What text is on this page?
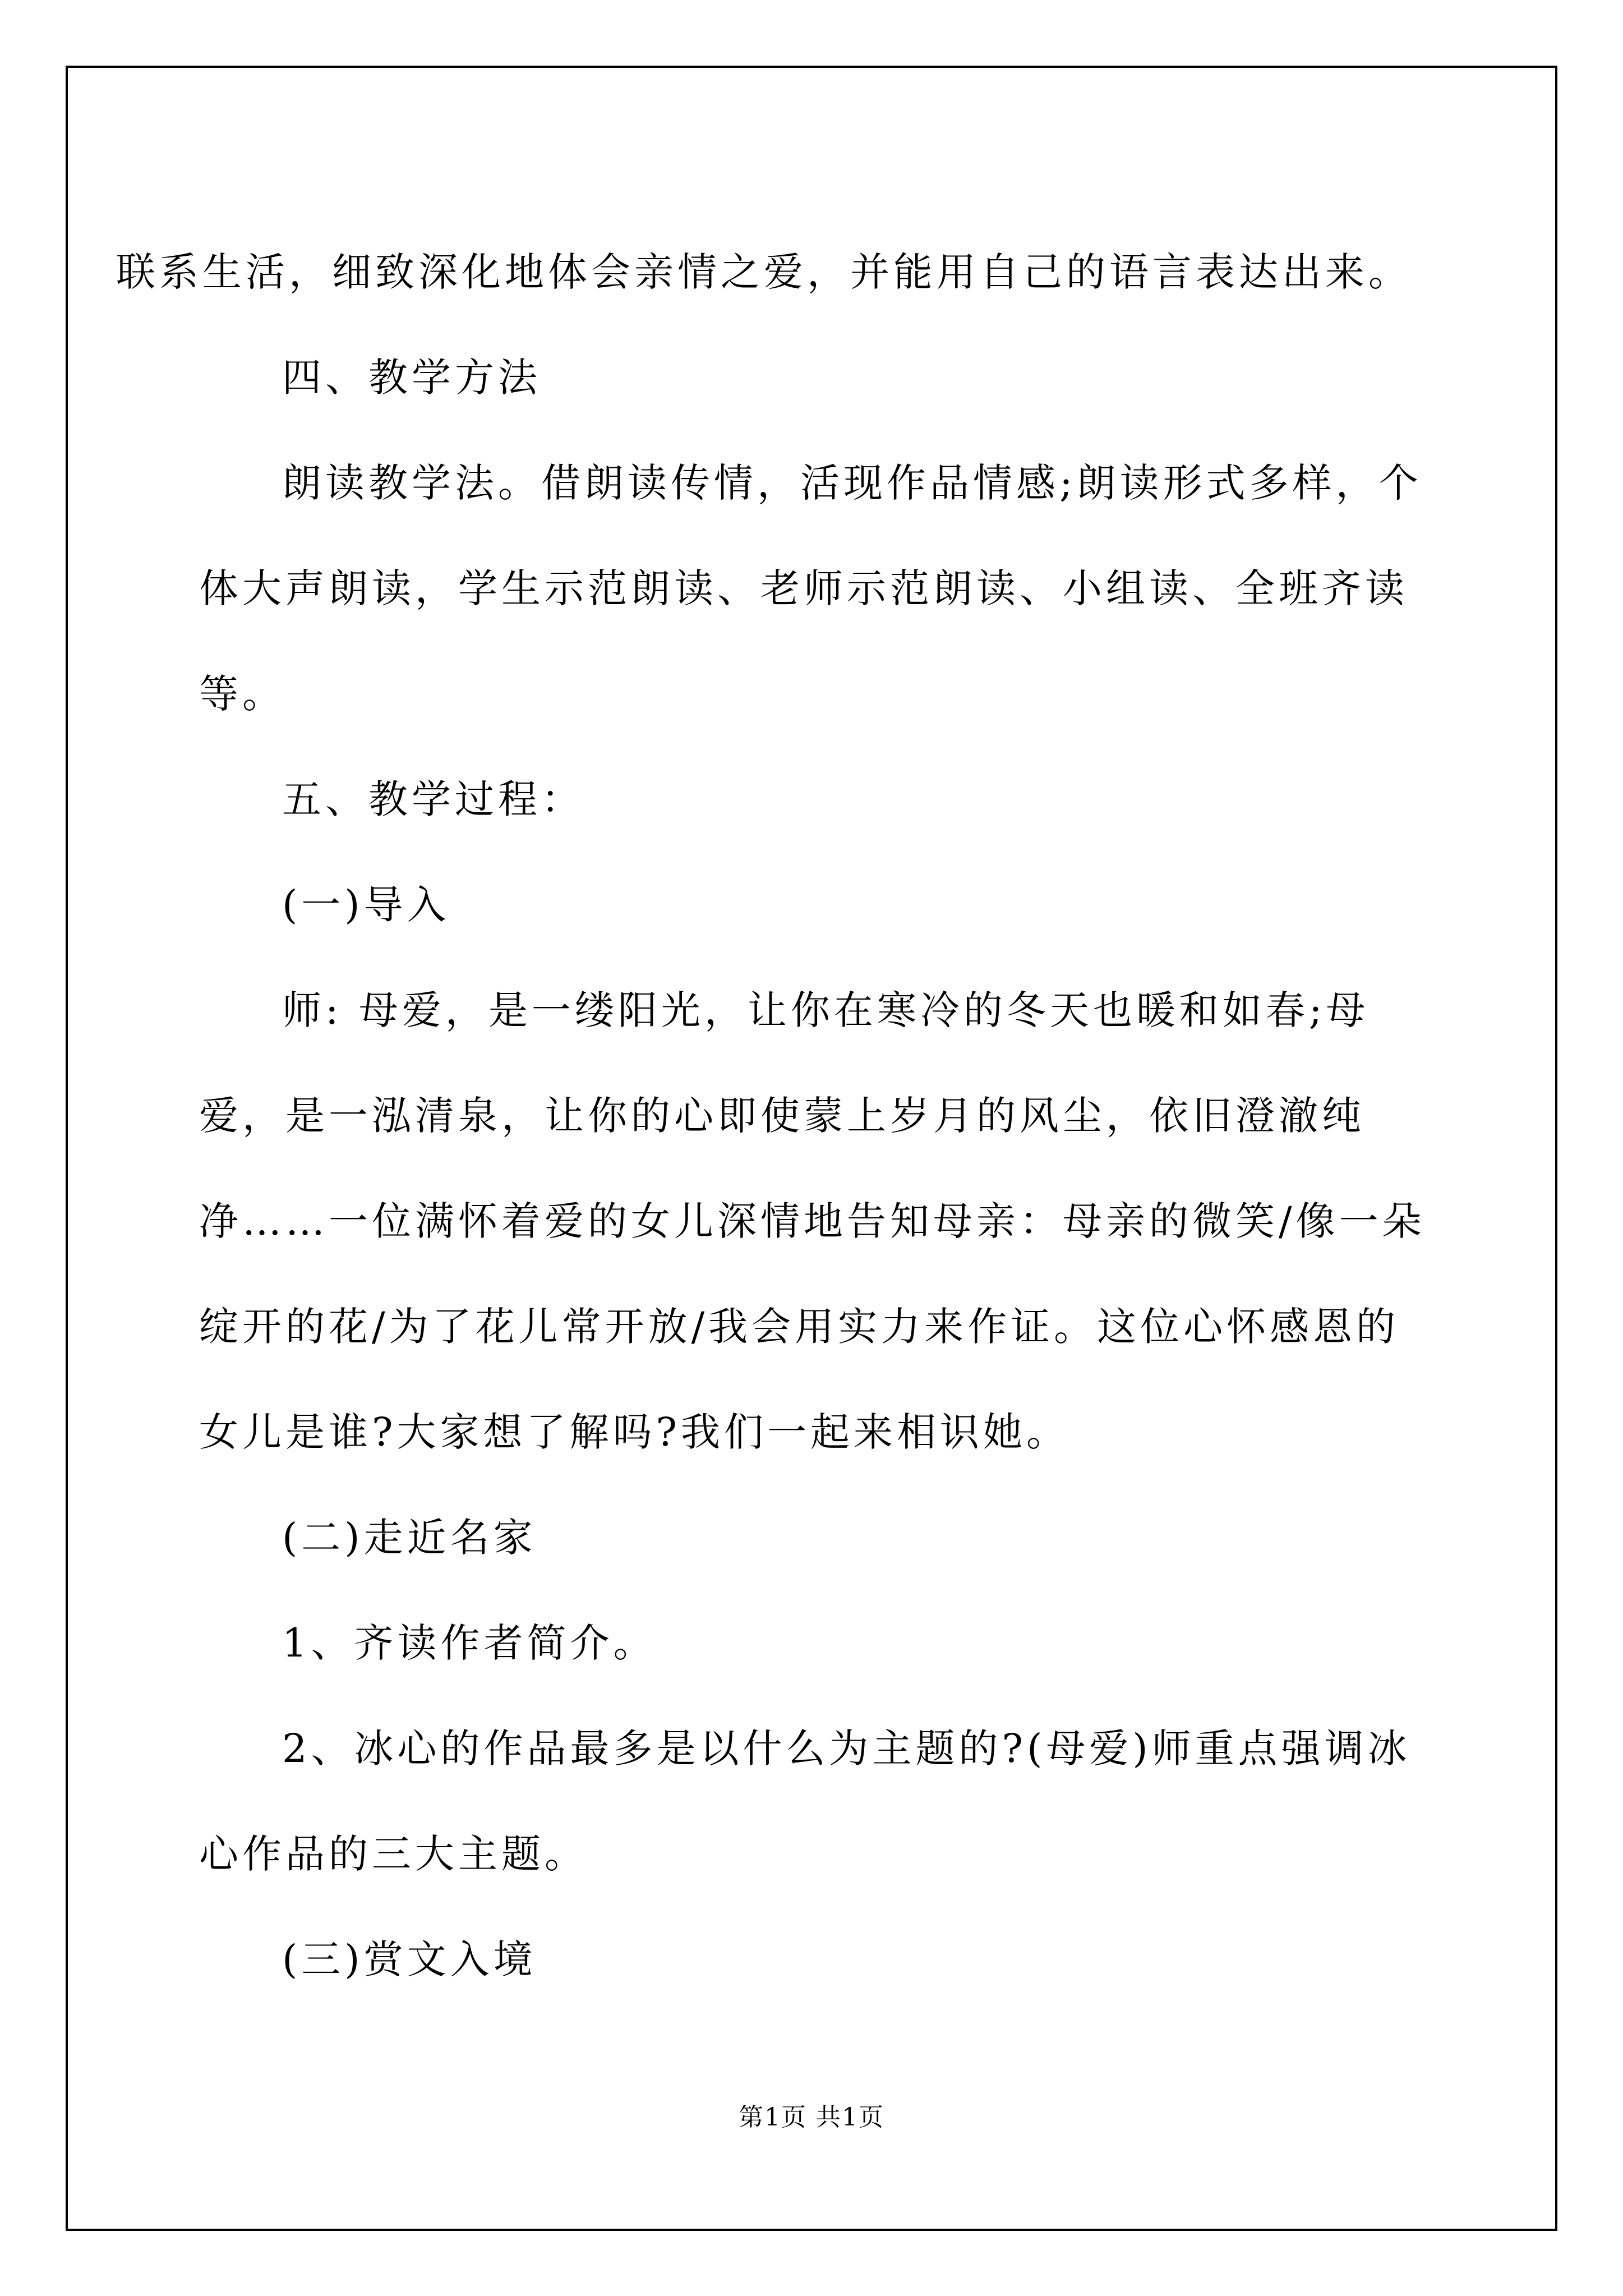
联系生活，细致深化地体会亲情之爱，并能用自己的语言表达出来。

四、教学方法

朗读教学法。借朗读传情，活现作品情感;朗读形式多样，个体大声朗读，学生示范朗读、老师示范朗读、小组读、全班齐读等。

五、教学过程：

(一)导入

师: 母爱，是一缕阳光，让你在寒冷的冬天也暖和如春;母爱，是一泓清泉，让你的心即使蒙上岁月的风尘，依旧澄澈纯净……一位满怀着爱的女儿深情地告知母亲：母亲的微笑/像一朵绽开的花/为了花儿常开放/我会用实力来作证。这位心怀感恩的女儿是谁?大家想了解吗?我们一起来相识她。

(二)走近名家

1、齐读作者简介。

2、冰心的作品最多是以什么为主题的?(母爱)师重点强调冰心作品的三大主题。

(三)赏文入境

第1页 共1页
